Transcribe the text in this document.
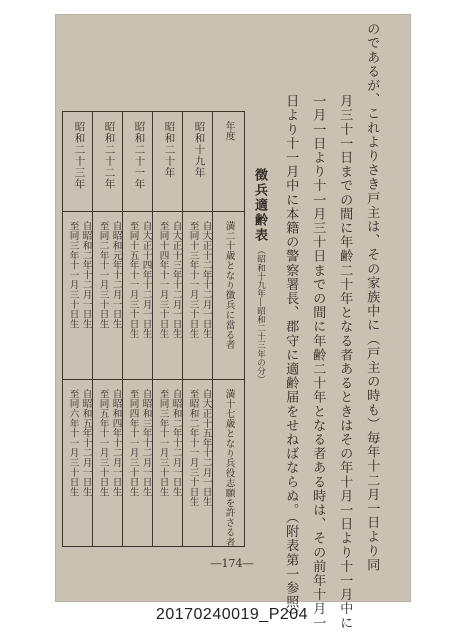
のであるが、これよりさき戸主は、その家族中に（戸主の時も）毎年十二月一日より同
月三十一日までの間に年齢二十年となる者あるときはその年十月一日より十一月中に
一月一日より十一月三十日までの間に年齢二十年となる者ある時は、その前年十月一
日より十一月中に本籍の警察署長、郡守に適齢届をせねばならぬ。（附表第一参照）
徴兵適齢表
（昭和十九年―昭和二十三年の分）
年度
満二十歳となり徴兵に當る者
満十七歳となり兵役志願を許さる者
昭和十九年
自大正十二年十二月一日生
至同十三年十一月三十日生
自大正十五年十二月一日生
至昭和二年十一月三十日生
昭和二十年
自大正十三年十二月一日生
至同十四年十一月三十日生
自昭和二年十二月一日生
至同三年十一月三十日生
昭和二十一年
自大正十四年十二月一日生
至同十五年十一月三十日生
自昭和三年十二月一日生
至同四年十一月三十日生
昭和二十二年
自昭和元年十二月一日生
至同二年十一月三十日生
自昭和四年十二月一日生
至同五年十一月三十日生
昭和二十三年
自昭和二年十二月一日生
至同三年十一月三十日生
自昭和五年十二月一日生
至同六年十一月三十日生
―174―
20170240019_P204
